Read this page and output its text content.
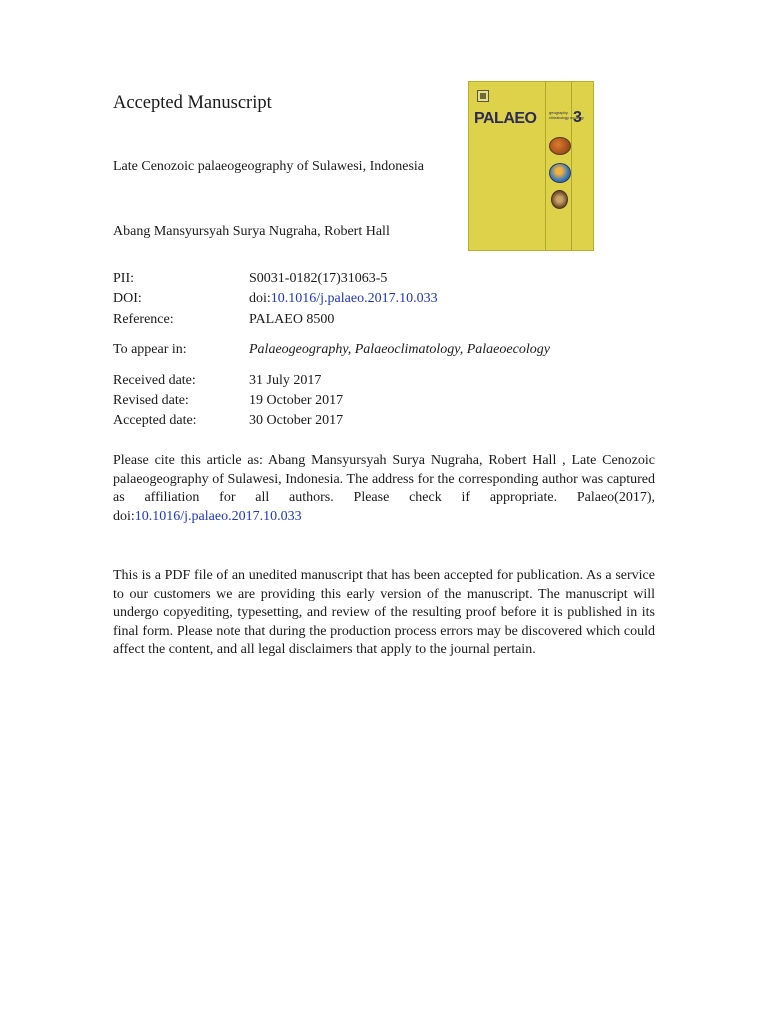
Accepted Manuscript
Late Cenozoic palaeogeography of Sulawesi, Indonesia
Abang Mansyursyah Surya Nugraha, Robert Hall
PALAEO	geography climatology ecology
3
PII:	S0031-0182(17)31063-5
DOI:	doi:10.1016/j.palaeo.2017.10.033
Reference:	PALAEO 8500
To appear in:	Palaeogeography, Palaeoclimatology, Palaeoecology
Received date:	31 July 2017
Revised date:	19 October 2017
Accepted date:	30 October 2017

Please cite this article as: Abang Mansyursyah Surya Nugraha, Robert Hall , Late Cenozoic palaeogeography of Sulawesi, Indonesia. The address for the corresponding author was captured as affiliation for all authors. Please check if appropriate. Palaeo(2017), doi:10.1016/j.palaeo.2017.10.033

This is a PDF file of an unedited manuscript that has been accepted for publication. As a service to our customers we are providing this early version of the manuscript. The manuscript will undergo copyediting, typesetting, and review of the resulting proof before it is published in its final form. Please note that during the production process errors may be discovered which could affect the content, and all legal disclaimers that apply to the journal pertain.
